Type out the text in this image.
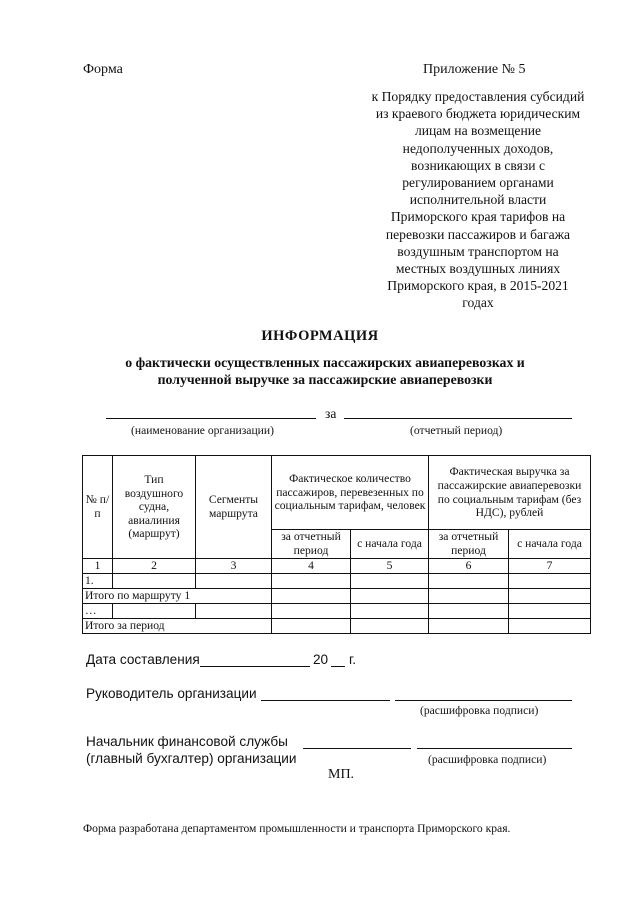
Форма	Приложение № 5
к Порядку предоставления субсидий
из краевого бюджета юридическим
лицам на возмещение
недополученных доходов,
возникающих в связи с
регулированием органами
исполнительной власти
Приморского края тарифов на
перевозки пассажиров и багажа
воздушным транспортом на
местных воздушных линиях
Приморского края, в 2015-2021
годах
ИНФОРМАЦИЯ
о фактически осуществленных пассажирских авиаперевозках и
полученной выручке за пассажирские авиаперевозки
за
(наименование организации)	(отчетный период)
№ п/п	Тип воздушного судна, авиалиния (маршрут)	Сегменты маршрута	Фактическое количество пассажиров, перевезенных по социальным тарифам, человек		Фактическая выручка за пассажирские авиаперевозки по социальным тарифам (без НДС), рублей	
			за отчетный период	с начала года	за отчетный период	с начала года
1	2	3	4	5	6	7
1.						
Итого по маршруту 1						
…						
Итого за период						
Дата составления	20 г.
Руководитель организации
(расшифровка подписи)
Начальник финансовой службы
(главный бухгалтер) организации	(расшифровка подписи)
МП.
Форма разработана департаментом промышленности и транспорта Приморского края.
